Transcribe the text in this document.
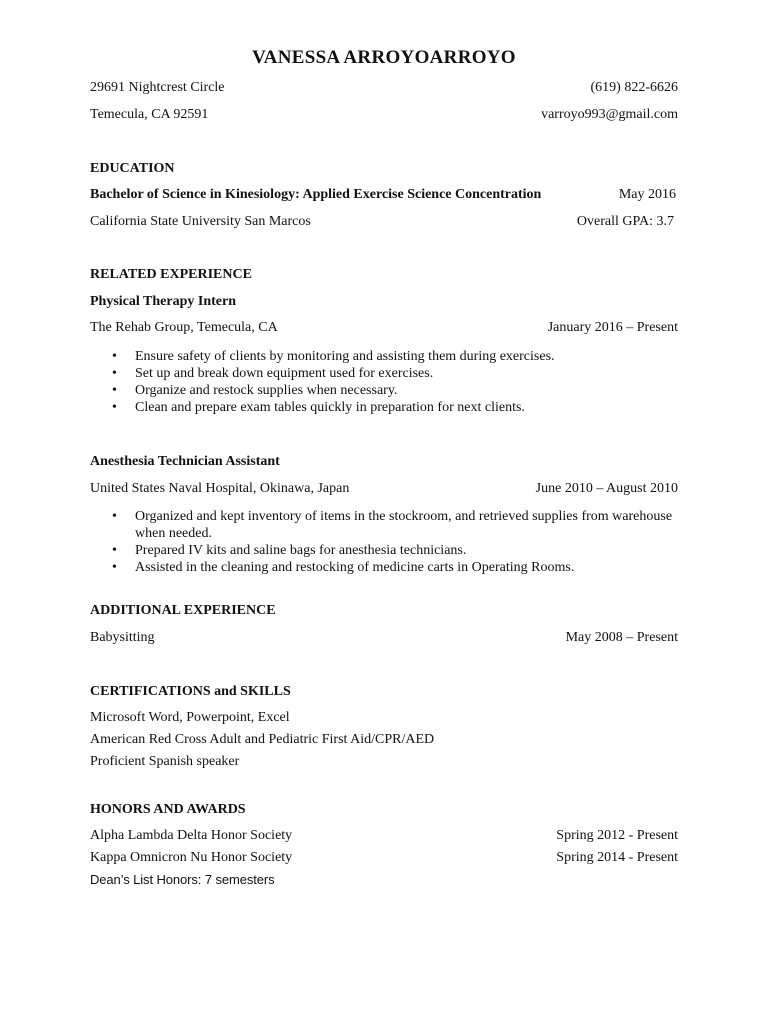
VANESSA ARROYOARROYO
29691 Nightcrest Circle	(619) 822-6626
Temecula, CA 92591	varroyo993@gmail.com
EDUCATION
Bachelor of Science in Kinesiology: Applied Exercise Science Concentration	May 2016
California State University San Marcos	Overall GPA: 3.7
RELATED EXPERIENCE
Physical Therapy Intern
The Rehab Group, Temecula, CA	January 2016 – Present
• Ensure safety of clients by monitoring and assisting them during exercises.
• Set up and break down equipment used for exercises.
• Organize and restock supplies when necessary.
• Clean and prepare exam tables quickly in preparation for next clients.
Anesthesia Technician Assistant
United States Naval Hospital, Okinawa, Japan	June 2010 – August 2010
• Organized and kept inventory of items in the stockroom, and retrieved supplies from warehouse when needed.
• Prepared IV kits and saline bags for anesthesia technicians.
• Assisted in the cleaning and restocking of medicine carts in Operating Rooms.
ADDITIONAL EXPERIENCE
Babysitting	May 2008 – Present
CERTIFICATIONS and SKILLS
Microsoft Word, Powerpoint, Excel
American Red Cross Adult and Pediatric First Aid/CPR/AED
Proficient Spanish speaker
HONORS AND AWARDS
Alpha Lambda Delta Honor Society	Spring 2012 - Present
Kappa Omnicron Nu Honor Society	Spring 2014 - Present
Dean’s List Honors: 7 semesters
